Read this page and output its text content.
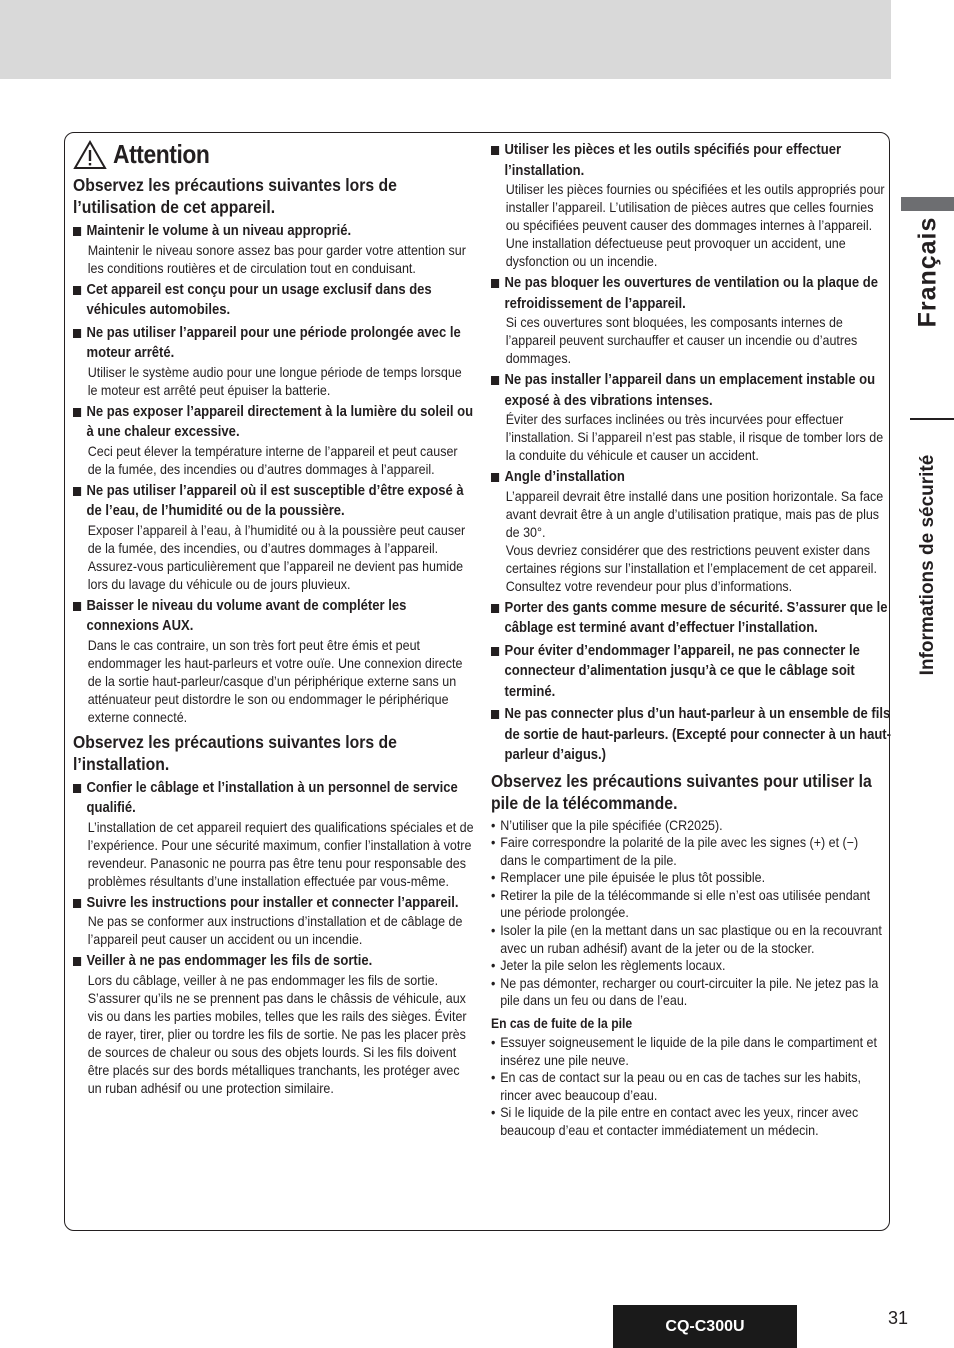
Attention
Observez les précautions suivantes lors de l’utilisation de cet appareil.
Maintenir le volume à un niveau approprié.
Maintenir le niveau sonore assez bas pour garder votre attention sur les conditions routières et de circulation tout en conduisant.
Cet appareil est conçu pour un usage exclusif dans des véhicules automobiles.
Ne pas utiliser l’appareil pour une période prolongée avec le moteur arrêté.
Utiliser le système audio pour une longue période de temps lorsque le moteur est arrêté peut épuiser la batterie.
Ne pas exposer l’appareil directement à la lumière du soleil ou à une chaleur excessive.
Ceci peut élever la température interne de l’appareil et peut causer de la fumée, des incendies ou d’autres dommages à l’appareil.
Ne pas utiliser l’appareil où il est susceptible d’être exposé à de l’eau, de l’humidité ou de la poussière.
Exposer l’appareil à l’eau, à l’humidité ou à la poussière peut causer de la fumée, des incendies, ou d’autres dommages à l’appareil. Assurez-vous particulièrement que l’appareil ne devient pas humide lors du lavage du véhicule ou de jours pluvieux.
Baisser le niveau du volume avant de compléter les connexions AUX.
Dans le cas contraire, un son très fort peut être émis et peut endommager les haut-parleurs et votre ouïe. Une connexion directe de la sortie haut-parleur/casque d’un périphérique externe sans un atténuateur peut distordre le son ou endommager le périphérique externe connecté.
Observez les précautions suivantes lors de l’installation.
Confier le câblage et l’installation à un personnel de service qualifié.
L’installation de cet appareil requiert des qualifications spéciales et de l’expérience. Pour une sécurité maximum, confier l’installation à votre revendeur. Panasonic ne pourra pas être tenu pour responsable des problèmes résultants d’une installation effectuée par vous-même.
Suivre les instructions pour installer et connecter l’appareil.
Ne pas se conformer aux instructions d’installation et de câblage de l’appareil peut causer un accident ou un incendie.
Veiller à ne pas endommager les fils de sortie.
Lors du câblage, veiller à ne pas endommager les fils de sortie. S’assurer qu’ils ne se prennent pas dans le châssis de véhicule, aux vis ou dans les parties mobiles, telles que les rails des sièges. Éviter de rayer, tirer, plier ou tordre les fils de sortie. Ne pas les placer près de sources de chaleur ou sous des objets lourds. Si les fils doivent être placés sur des bords métalliques tranchants, les protéger avec un ruban adhésif ou une protection similaire.
Utiliser les pièces et les outils spécifiés pour effectuer l’installation.
Utiliser les pièces fournies ou spécifiées et les outils appropriés pour installer l’appareil. L’utilisation de pièces autres que celles fournies ou spécifiées peuvent causer des dommages internes à l’appareil. Une installation défectueuse peut provoquer un accident, une dysfonction ou un incendie.
Ne pas bloquer les ouvertures de ventilation ou la plaque de refroidissement de l’appareil.
Si ces ouvertures sont bloquées, les composants internes de l’appareil peuvent surchauffer et causer un incendie ou d’autres dommages.
Ne pas installer l’appareil dans un emplacement instable ou exposé à des vibrations intenses.
Éviter des surfaces inclinées ou très incurvées pour effectuer l’installation. Si l’appareil n’est pas stable, il risque de tomber lors de la conduite du véhicule et causer un accident.
Angle d’installation
L’appareil devrait être installé dans une position horizontale. Sa face avant devrait être à un angle d’utilisation pratique, mais pas de plus de 30°.
Vous devriez considérer que des restrictions peuvent exister dans certaines régions sur l’installation et l’emplacement de cet appareil. Consultez votre revendeur pour plus d’informations.
Porter des gants comme mesure de sécurité. S’assurer que le câblage est terminé avant d’effectuer l’installation.
Pour éviter d’endommager l’appareil, ne pas connecter le connecteur d’alimentation jusqu’à ce que le câblage soit terminé.
Ne pas connecter plus d’un haut-parleur à un ensemble de fils de sortie de haut-parleurs. (Excepté pour connecter à un haut-parleur d’aigus.)
Observez les précautions suivantes pour utiliser la pile de la télécommande.
• N’utiliser que la pile spécifiée (CR2025).
• Faire correspondre la polarité de la pile avec les signes (+) et (−) dans le compartiment de la pile.
• Remplacer une pile épuisée le plus tôt possible.
• Retirer la pile de la télécommande si elle n’est oas utilisée pendant une période prolongée.
• Isoler la pile (en la mettant dans un sac plastique ou en la recouvrant avec un ruban adhésif) avant de la jeter ou de la stocker.
• Jeter la pile selon les règlements locaux.
• Ne pas démonter, recharger ou court-circuiter la pile. Ne jetez pas la pile dans un feu ou dans de l’eau.
En cas de fuite de la pile
• Essuyer soigneusement le liquide de la pile dans le compartiment et insérez une pile neuve.
• En cas de contact sur la peau ou en cas de taches sur les habits, rincer avec beaucoup d’eau.
• Si le liquide de la pile entre en contact avec les yeux, rincer avec beaucoup d’eau et contacter immédiatement un médecin.
Français
Informations de sécurité
CQ-C300U	31
